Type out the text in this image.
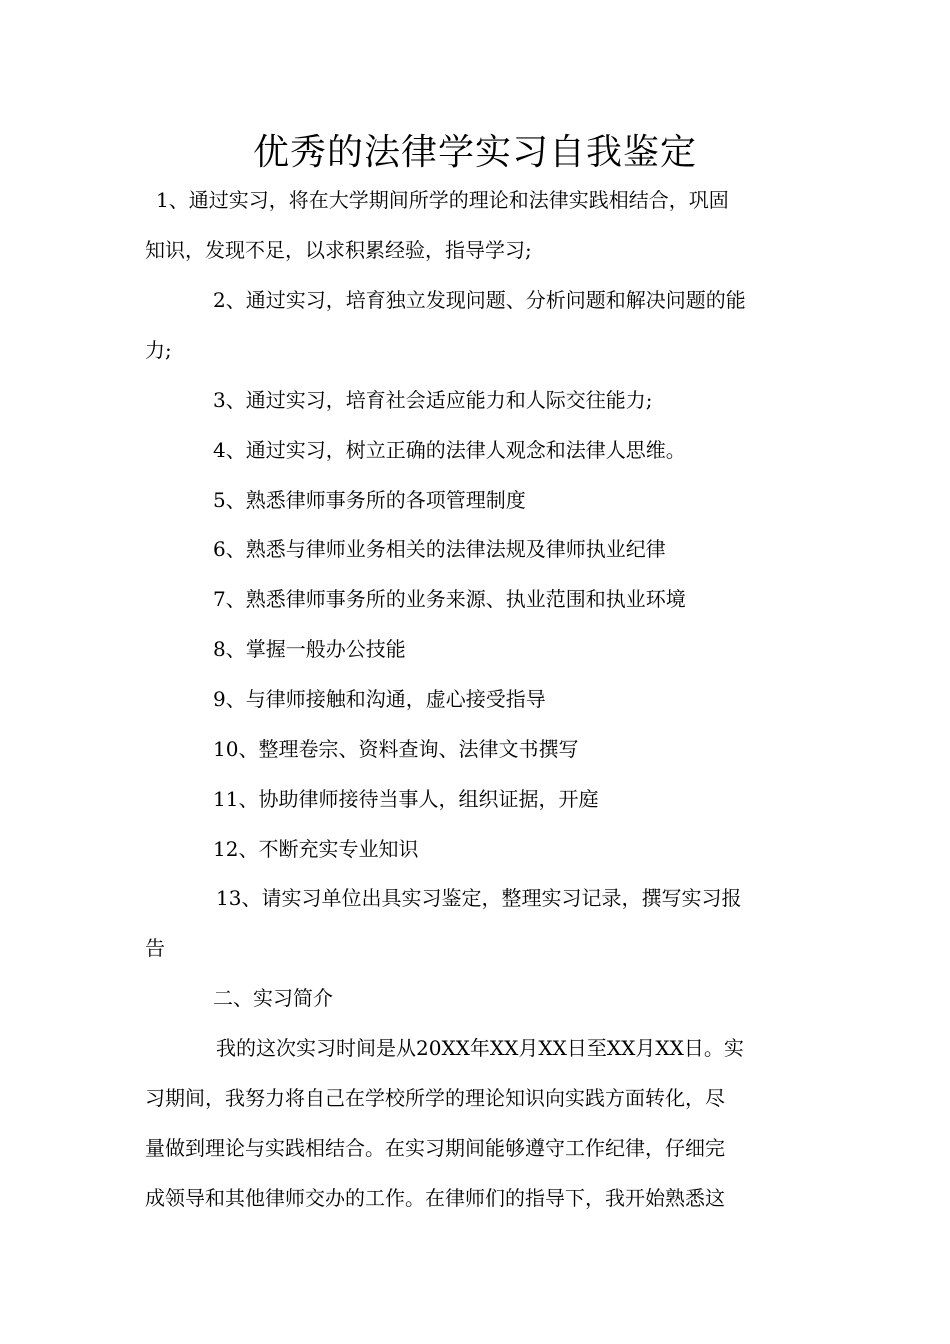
优秀的法律学实习自我鉴定
1、通过实习，将在大学期间所学的理论和法律实践相结合，巩固
知识，发现不足，以求积累经验，指导学习;
2、通过实习，培育独立发现问题、分析问题和解决问题的能
力;
3、通过实习，培育社会适应能力和人际交往能力;
4、通过实习，树立正确的法律人观念和法律人思维。
5、熟悉律师事务所的各项管理制度
6、熟悉与律师业务相关的法律法规及律师执业纪律
7、熟悉律师事务所的业务来源、执业范围和执业环境
8、掌握一般办公技能
9、与律师接触和沟通，虚心接受指导
10、整理卷宗、资料查询、法律文书撰写
11、协助律师接待当事人，组织证据，开庭
12、不断充实专业知识
13、请实习单位出具实习鉴定，整理实习记录，撰写实习报
告
二、实习简介
我的这次实习时间是从20XX年XX月XX日至XX月XX日。实
习期间，我努力将自己在学校所学的理论知识向实践方面转化，尽
量做到理论与实践相结合。在实习期间能够遵守工作纪律，仔细完
成领导和其他律师交办的工作。在律师们的指导下，我开始熟悉这
